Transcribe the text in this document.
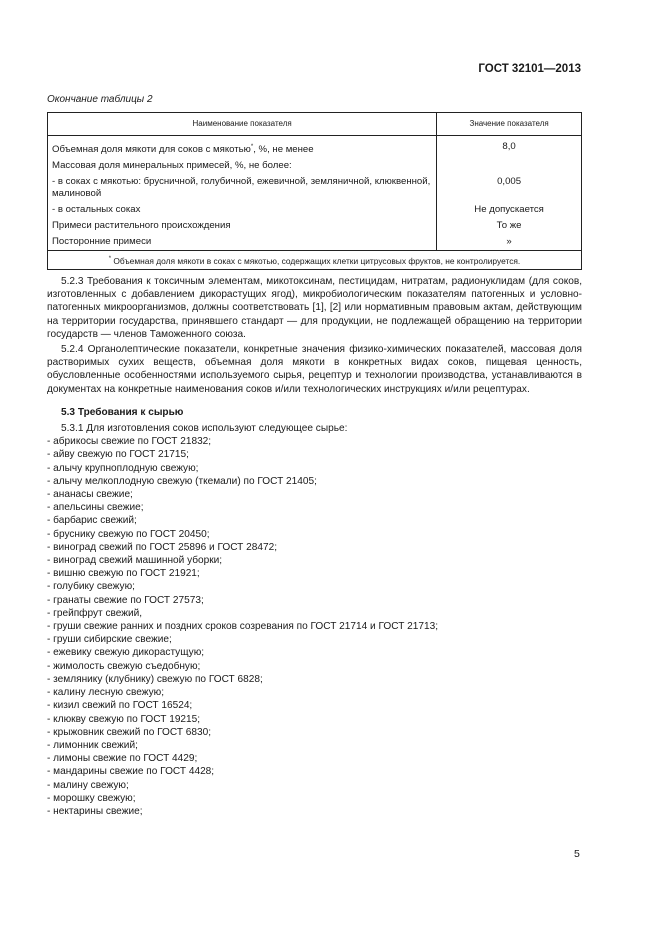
ГОСТ 32101—2013
Окончание таблицы 2
Наименование показателя	Значение показателя
Объемная доля мякоти для соков с мякотью*, %, не менее	8,0
Массовая доля минеральных примесей, %, не более:	
- в соках с мякотью: брусничной, голубичной, ежевичной, земляничной, клюквенной, малиновой	0,005
- в остальных соках	Не допускается
Примеси растительного происхождения	То же
Посторонние примеси	»
* Объемная доля мякоти в соках с мякотью, содержащих клетки цитрусовых фруктов, не контролируется.	

5.2.3 Требования к токсичным элементам, микотоксинам, пестицидам, нитратам, радионуклидам (для соков, изготовленных с добавлением дикорастущих ягод), микробиологическим показателям патогенных и условно-патогенных микроорганизмов, должны соответствовать [1], [2] или нормативным правовым актам, действующим на территории государства, принявшего стандарт — для продукции, не подлежащей обращению на территории государств — членов Таможенного союза.

5.2.4 Органолептические показатели, конкретные значения физико-химических показателей, массовая доля растворимых сухих веществ, объемная доля мякоти в конкретных видах соков, пищевая ценность, обусловленные особенностями используемого сырья, рецептур и технологии производства, устанавливаются в документах на конкретные наименования соков и/или технологических инструкциях и/или рецептурах.

5.3 Требования к сырью
5.3.1 Для изготовления соков используют следующее сырье:
- абрикосы свежие по ГОСТ 21832;
- айву свежую по ГОСТ 21715;
- алычу крупноплодную свежую;
- алычу мелкоплодную свежую (ткемали) по ГОСТ 21405;
- ананасы свежие;
- апельсины свежие;
- барбарис свежий;
- бруснику свежую по ГОСТ 20450;
- виноград свежий по ГОСТ 25896 и ГОСТ 28472;
- виноград свежий машинной уборки;
- вишню свежую по ГОСТ 21921;
- голубику свежую;
- гранаты свежие по ГОСТ 27573;
- грейпфрут свежий,
- груши свежие ранних и поздних сроков созревания по ГОСТ 21714 и ГОСТ 21713;
- груши сибирские свежие;
- ежевику свежую дикорастущую;
- жимолость свежую съедобную;
- землянику (клубнику) свежую по ГОСТ 6828;
- калину лесную свежую;
- кизил свежий по ГОСТ 16524;
- клюкву свежую по ГОСТ 19215;
- крыжовник свежий по ГОСТ 6830;
- лимонник свежий;
- лимоны свежие по ГОСТ 4429;
- мандарины свежие по ГОСТ 4428;
- малину свежую;
- морошку свежую;
- нектарины свежие;
5
